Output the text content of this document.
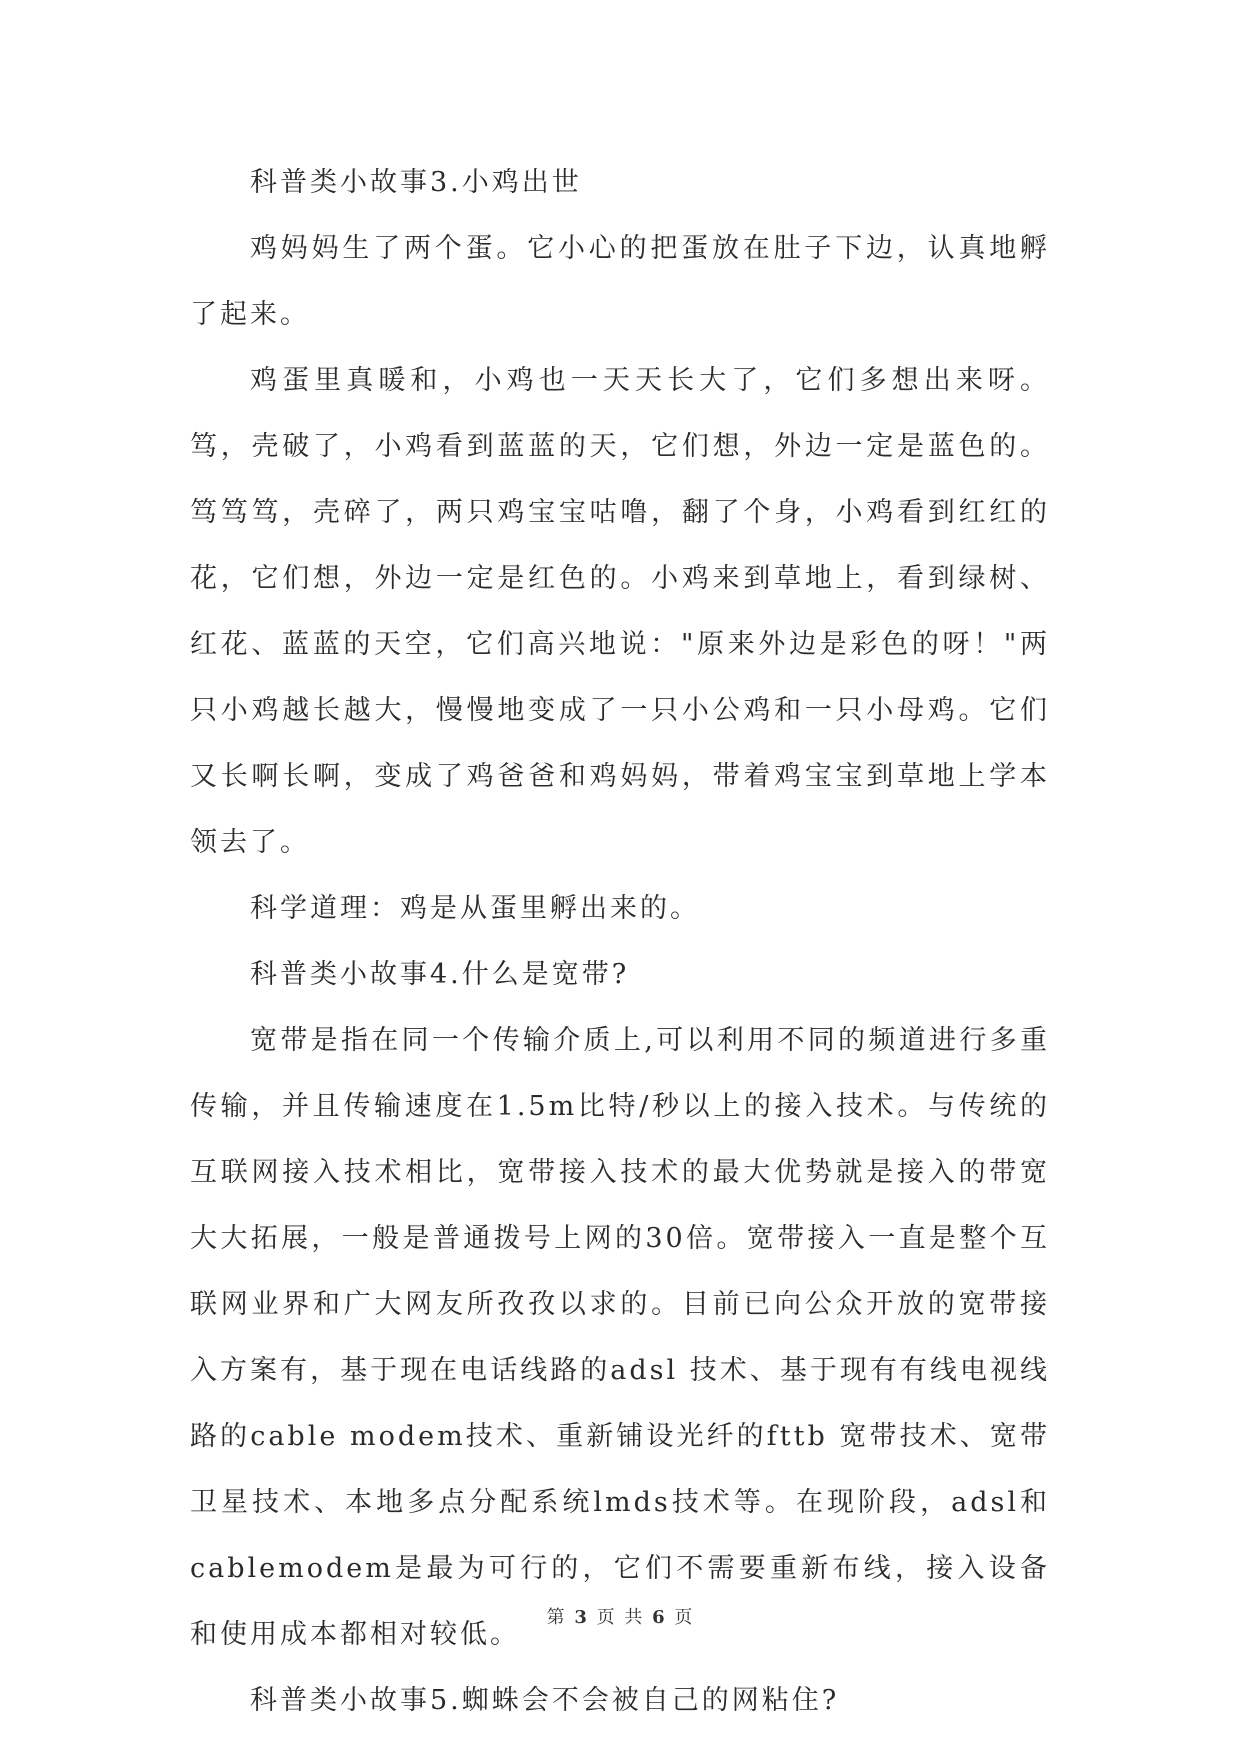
科普类小故事3.小鸡出世

鸡妈妈生了两个蛋。它小心的把蛋放在肚子下边，认真地孵了起来。

鸡蛋里真暖和，小鸡也一天天长大了，它们多想出来呀。笃，壳破了，小鸡看到蓝蓝的天，它们想，外边一定是蓝色的。笃笃笃，壳碎了，两只鸡宝宝咕噜，翻了个身，小鸡看到红红的花，它们想，外边一定是红色的。小鸡来到草地上，看到绿树、红花、蓝蓝的天空，它们高兴地说："原来外边是彩色的呀！"两只小鸡越长越大，慢慢地变成了一只小公鸡和一只小母鸡。它们又长啊长啊，变成了鸡爸爸和鸡妈妈，带着鸡宝宝到草地上学本领去了。

科学道理：鸡是从蛋里孵出来的。

科普类小故事4.什么是宽带?

宽带是指在同一个传输介质上,可以利用不同的频道进行多重传输，并且传输速度在1.5m比特/秒以上的接入技术。与传统的互联网接入技术相比，宽带接入技术的最大优势就是接入的带宽大大拓展，一般是普通拨号上网的30倍。宽带接入一直是整个互联网业界和广大网友所孜孜以求的。目前已向公众开放的宽带接入方案有，基于现在电话线路的adsl 技术、基于现有有线电视线路的cable modem技术、重新铺设光纤的fttb 宽带技术、宽带卫星技术、本地多点分配系统lmds技术等。在现阶段，adsl和cablemodem是最为可行的，它们不需要重新布线，接入设备和使用成本都相对较低。

科普类小故事5.蜘蛛会不会被自己的网粘住?

第 3 页 共 6 页
